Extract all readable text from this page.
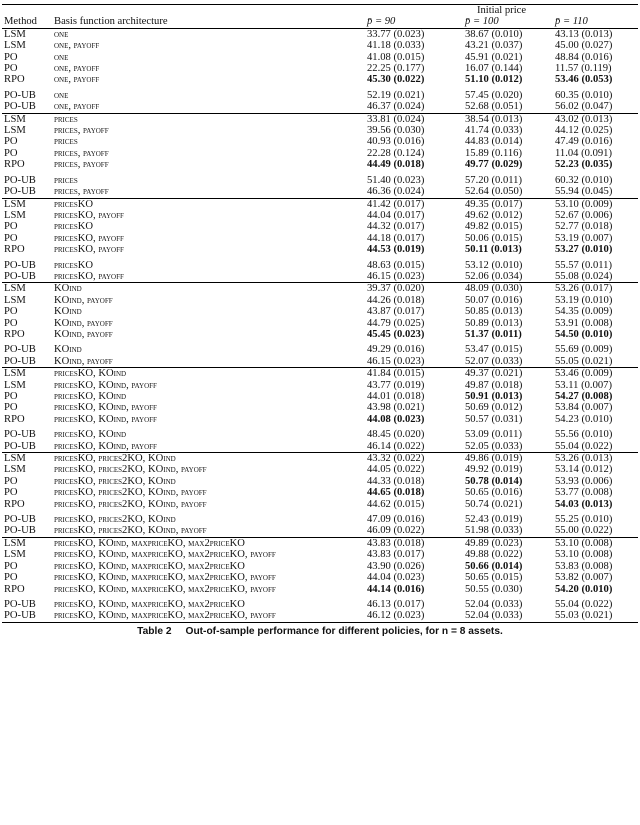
		Initial price		
Method	Basis function architecture	p̄ = 90	p̄ = 100	p̄ = 110
LSM	one	33.77 (0.023)	38.67 (0.010)	43.13 (0.013)
LSM	one, payoff	41.18 (0.033)	43.21 (0.037)	45.00 (0.027)
PO	one	41.08 (0.015)	45.91 (0.021)	48.84 (0.016)
PO	one, payoff	22.25 (0.177)	16.07 (0.144)	11.57 (0.119)
RPO	one, payoff	45.30 (0.022)	51.10 (0.012)	53.46 (0.053)

PO-UB	one	52.19 (0.021)	57.45 (0.020)	60.35 (0.010)
PO-UB	one, payoff	46.37 (0.024)	52.68 (0.051)	56.02 (0.047)
LSM	prices	33.81 (0.024)	38.54 (0.013)	43.02 (0.013)
LSM	prices, payoff	39.56 (0.030)	41.74 (0.033)	44.12 (0.025)
PO	prices	40.93 (0.016)	44.83 (0.014)	47.49 (0.016)
PO	prices, payoff	22.28 (0.124)	15.89 (0.116)	11.04 (0.091)
RPO	prices, payoff	44.49 (0.018)	49.77 (0.029)	52.23 (0.035)

PO-UB	prices	51.40 (0.023)	57.20 (0.011)	60.32 (0.010)
PO-UB	prices, payoff	46.36 (0.024)	52.64 (0.050)	55.94 (0.045)
LSM	pricesKO	41.42 (0.017)	49.35 (0.017)	53.10 (0.009)
LSM	pricesKO, payoff	44.04 (0.017)	49.62 (0.012)	52.67 (0.006)
PO	pricesKO	44.32 (0.017)	49.82 (0.015)	52.77 (0.018)
PO	pricesKO, payoff	44.18 (0.017)	50.06 (0.015)	53.19 (0.007)
RPO	pricesKO, payoff	44.53 (0.019)	50.11 (0.013)	53.27 (0.010)

PO-UB	pricesKO	48.63 (0.015)	53.12 (0.010)	55.57 (0.011)
PO-UB	pricesKO, payoff	46.15 (0.023)	52.06 (0.034)	55.08 (0.024)
LSM	KOind	39.37 (0.020)	48.09 (0.030)	53.26 (0.017)
LSM	KOind, payoff	44.26 (0.018)	50.07 (0.016)	53.19 (0.010)
PO	KOind	43.87 (0.017)	50.85 (0.013)	54.35 (0.009)
PO	KOind, payoff	44.79 (0.025)	50.89 (0.013)	53.91 (0.008)
RPO	KOind, payoff	45.45 (0.023)	51.37 (0.011)	54.50 (0.010)

PO-UB	KOind	49.29 (0.016)	53.47 (0.015)	55.69 (0.009)
PO-UB	KOind, payoff	46.15 (0.023)	52.07 (0.033)	55.05 (0.021)
LSM	pricesKO, KOind	41.84 (0.015)	49.37 (0.021)	53.46 (0.009)
LSM	pricesKO, KOind, payoff	43.77 (0.019)	49.87 (0.018)	53.11 (0.007)
PO	pricesKO, KOind	44.01 (0.018)	50.91 (0.013)	54.27 (0.008)
PO	pricesKO, KOind, payoff	43.98 (0.021)	50.69 (0.012)	53.84 (0.007)
RPO	pricesKO, KOind, payoff	44.08 (0.023)	50.57 (0.031)	54.23 (0.010)

PO-UB	pricesKO, KOind	48.45 (0.020)	53.09 (0.011)	55.56 (0.010)
PO-UB	pricesKO, KOind, payoff	46.14 (0.022)	52.05 (0.033)	55.04 (0.022)
LSM	pricesKO, prices2KO, KOind	43.32 (0.022)	49.86 (0.019)	53.26 (0.013)
LSM	pricesKO, prices2KO, KOind, payoff	44.05 (0.022)	49.92 (0.019)	53.14 (0.012)
PO	pricesKO, prices2KO, KOind	44.33 (0.018)	50.78 (0.014)	53.93 (0.006)
PO	pricesKO, prices2KO, KOind, payoff	44.65 (0.018)	50.65 (0.016)	53.77 (0.008)
RPO	pricesKO, prices2KO, KOind, payoff	44.62 (0.015)	50.74 (0.021)	54.03 (0.013)

PO-UB	pricesKO, prices2KO, KOind	47.09 (0.016)	52.43 (0.019)	55.25 (0.010)
PO-UB	pricesKO, prices2KO, KOind, payoff	46.09 (0.022)	51.98 (0.033)	55.00 (0.022)
LSM	pricesKO, KOind, maxpriceKO, max2priceKO	43.83 (0.018)	49.89 (0.023)	53.10 (0.008)
LSM	pricesKO, KOind, maxpriceKO, max2priceKO, payoff	43.83 (0.017)	49.88 (0.022)	53.10 (0.008)
PO	pricesKO, KOind, maxpriceKO, max2priceKO	43.90 (0.026)	50.66 (0.014)	53.83 (0.008)
PO	pricesKO, KOind, maxpriceKO, max2priceKO, payoff	44.04 (0.023)	50.65 (0.015)	53.82 (0.007)
RPO	pricesKO, KOind, maxpriceKO, max2priceKO, payoff	44.14 (0.016)	50.55 (0.030)	54.20 (0.010)

PO-UB	pricesKO, KOind, maxpriceKO, max2priceKO	46.13 (0.017)	52.04 (0.033)	55.04 (0.022)
PO-UB	pricesKO, KOind, maxpriceKO, max2priceKO, payoff	46.12 (0.023)	52.04 (0.033)	55.03 (0.021)
Table 2 Out-of-sample performance for different policies, for n = 8 assets.
